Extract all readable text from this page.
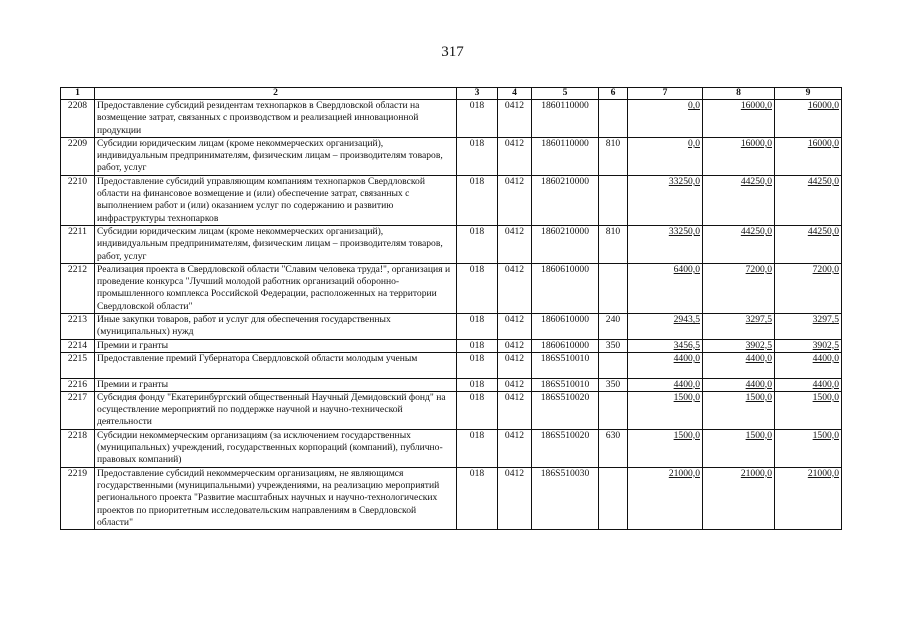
317
1	2	3	4	5	6	7	8	9
2208	Предоставление субсидий резидентам технопарков в Свердловской области на возмещение затрат, связанных с производством и реализацией инновационной продукции	018	0412	1860110000		0,0	16000,0	16000,0
2209	Субсидии юридическим лицам (кроме некоммерческих организаций), индивидуальным предпринимателям, физическим лицам – производителям товаров, работ, услуг	018	0412	1860110000	810	0,0	16000,0	16000,0
2210	Предоставление субсидий управляющим компаниям технопарков Свердловской области на финансовое возмещение и (или) обеспечение затрат, связанных с выполнением работ и (или) оказанием услуг по содержанию и развитию инфраструктуры технопарков	018	0412	1860210000		33250,0	44250,0	44250,0
2211	Субсидии юридическим лицам (кроме некоммерческих организаций), индивидуальным предпринимателям, физическим лицам – производителям товаров, работ, услуг	018	0412	1860210000	810	33250,0	44250,0	44250,0
2212	Реализация проекта в Свердловской области "Славим человека труда!", организация и проведение конкурса "Лучший молодой работник организаций оборонно-промышленного комплекса Российской Федерации, расположенных на территории Свердловской области"	018	0412	1860610000		6400,0	7200,0	7200,0
2213	Иные закупки товаров, работ и услуг для обеспечения государственных (муниципальных) нужд	018	0412	1860610000	240	2943,5	3297,5	3297,5
2214	Премии и гранты	018	0412	1860610000	350	3456,5	3902,5	3902,5
2215	Предоставление премий Губернатора Свердловской области молодым ученым	018	0412	186S510010		4400,0	4400,0	4400,0
2216	Премии и гранты	018	0412	186S510010	350	4400,0	4400,0	4400,0
2217	Субсидия фонду "Екатеринбургский общественный Научный Демидовский фонд" на осуществление мероприятий по поддержке научной и научно-технической деятельности	018	0412	186S510020		1500,0	1500,0	1500,0
2218	Субсидии некоммерческим организациям (за исключением государственных (муниципальных) учреждений, государственных корпораций (компаний), публично-правовых компаний)	018	0412	186S510020	630	1500,0	1500,0	1500,0
2219	Предоставление субсидий некоммерческим организациям, не являющимся государственными (муниципальными) учреждениями, на реализацию мероприятий регионального проекта "Развитие масштабных научных и научно-технологических проектов по приоритетным исследовательским направлениям в Свердловской области"	018	0412	186S510030		21000,0	21000,0	21000,0
